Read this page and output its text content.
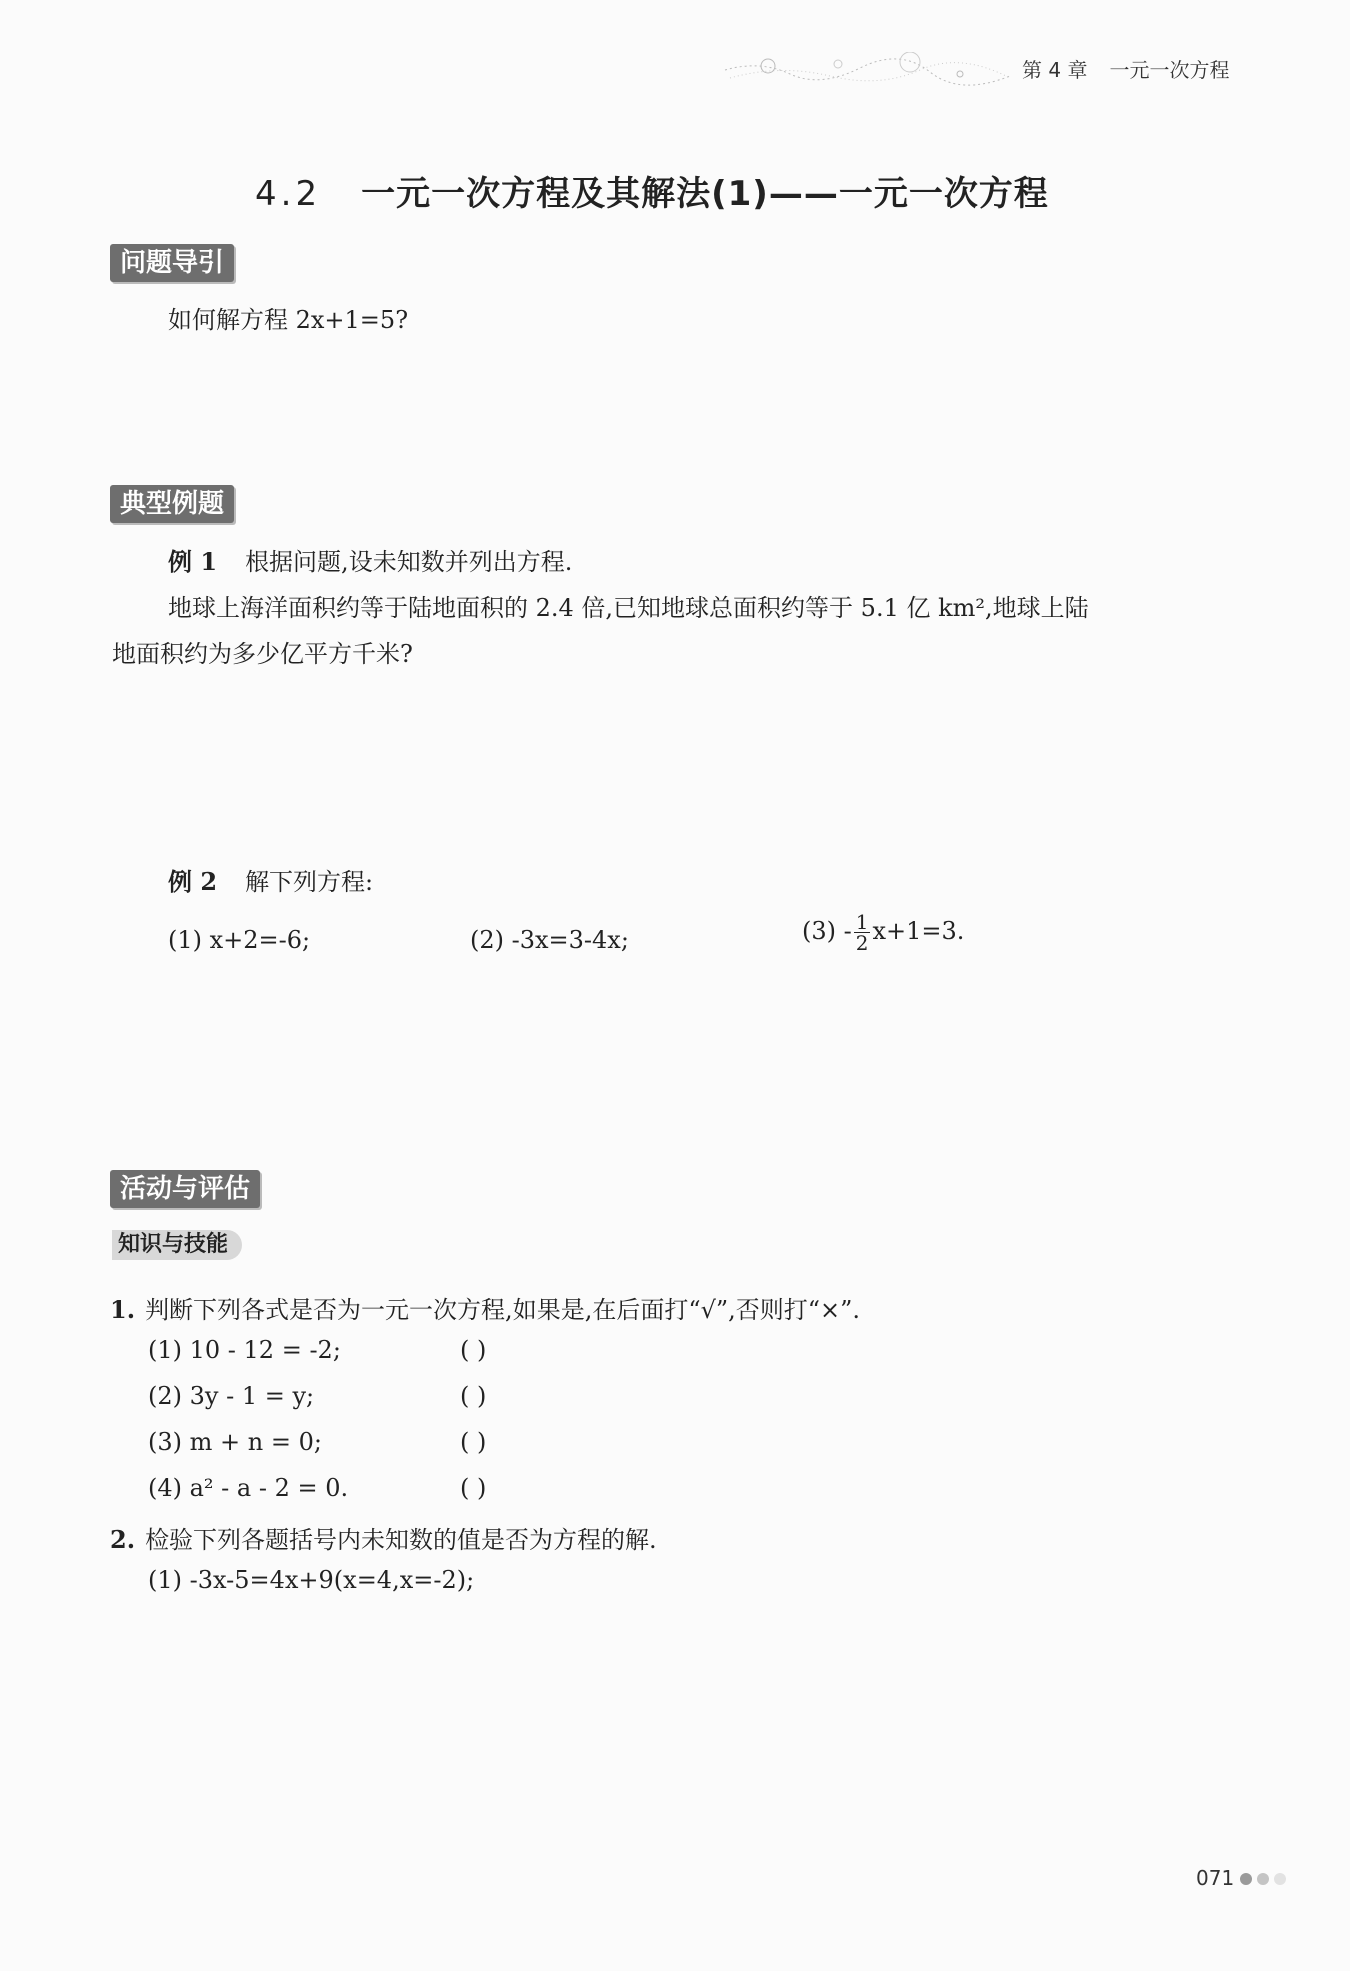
第 4 章 一元一次方程
4.2 一元一次方程及其解法(1)——一元一次方程
问题导引
如何解方程 2x+1=5?
典型例题
例 1 根据问题,设未知数并列出方程.
地球上海洋面积约等于陆地面积的 2.4 倍,已知地球总面积约等于 5.1 亿 km²,地球上陆
地面积约为多少亿平方千米?
例 2 解下列方程:
(1) x+2=-6;	(2) -3x=3-4x;	$(3) - \frac{1}{2} x+1=3$.
活动与评估
知识与技能
1. 判断下列各式是否为一元一次方程,如果是,在后面打“√”,否则打“×”.
(1) 10 - 12 = -2;	( )
(2) 3y - 1 = y;	( )
(3) m + n = 0;	( )
(4) a² - a - 2 = 0.	( )
2. 检验下列各题括号内未知数的值是否为方程的解.
(1) -3x-5=4x+9(x=4,x=-2);
071
